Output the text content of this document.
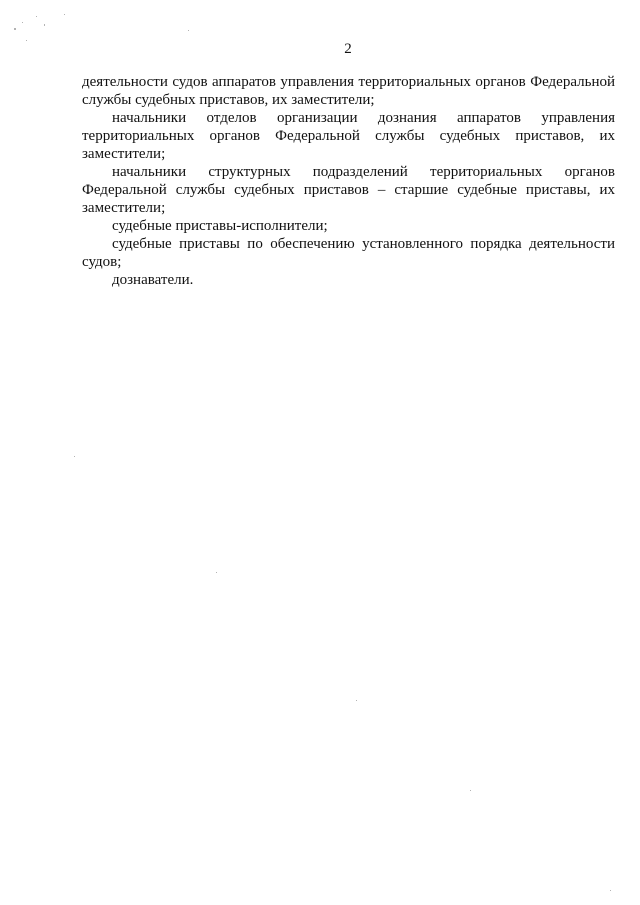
2

деятельности судов аппаратов управления территориальных органов Федеральной службы судебных приставов, их заместители;

начальники отделов организации дознания аппаратов управления территориальных органов Федеральной службы судебных приставов, их заместители;

начальники структурных подразделений территориальных органов Федеральной службы судебных приставов – старшие судебные приставы, их заместители;

судебные приставы-исполнители;

судебные приставы по обеспечению установленного порядка деятельности судов;

дознаватели.
